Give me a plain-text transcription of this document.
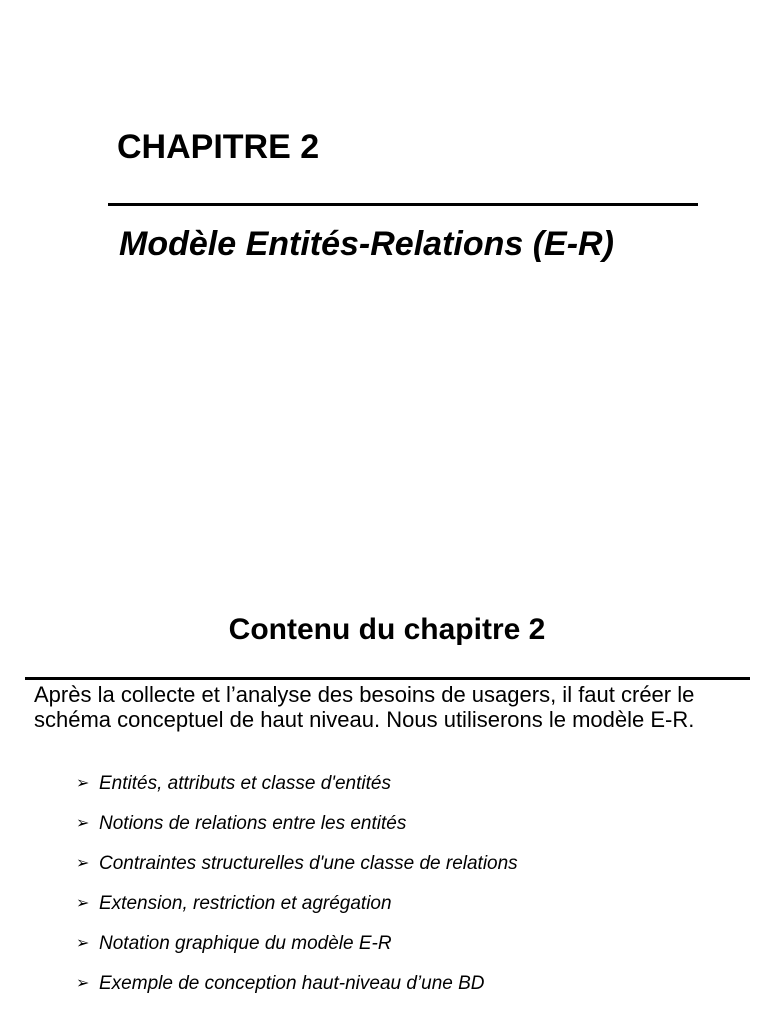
CHAPITRE 2
Modèle Entités-Relations (E-R)
Contenu du chapitre 2

Après la collecte et l’analyse des besoins de usagers, il faut créer le schéma conceptuel de haut niveau. Nous utiliserons le modèle E-R.

➢ Entités, attributs et classe d'entités
➢ Notions de relations entre les entités
➢ Contraintes structurelles d'une classe de relations
➢ Extension, restriction et agrégation
➢ Notation graphique du modèle E-R
➢ Exemple de conception haut-niveau d’une BD
